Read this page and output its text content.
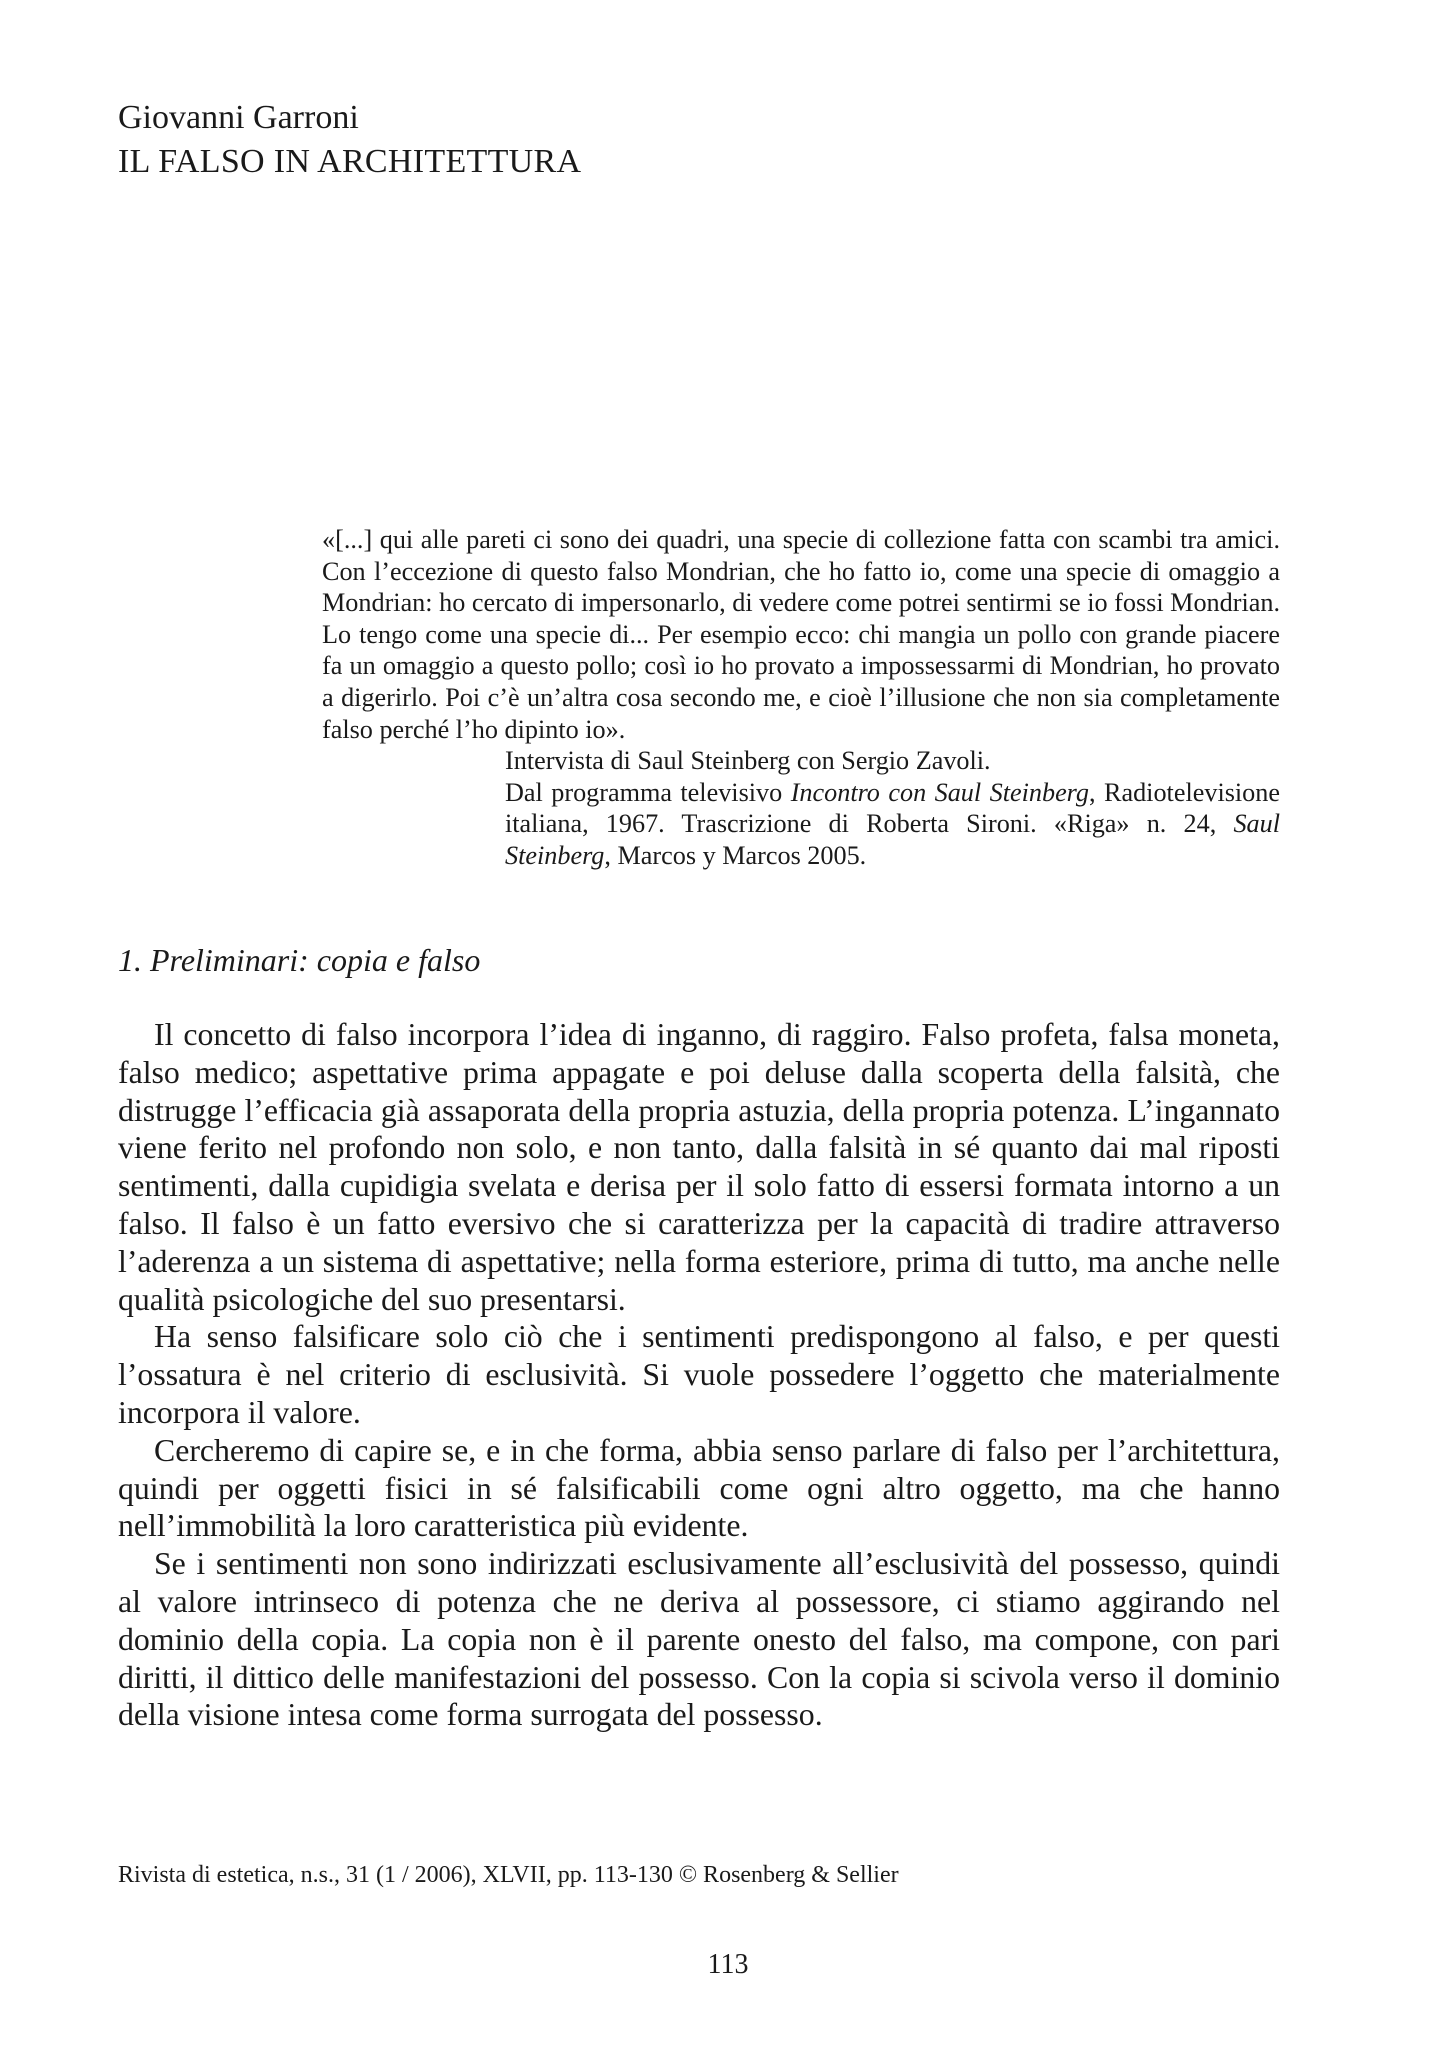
Giovanni Garroni
IL FALSO IN ARCHITETTURA

«[...] qui alle pareti ci sono dei quadri, una specie di collezione fatta con scambi tra amici. Con l’eccezione di questo falso Mondrian, che ho fatto io, come una specie di omaggio a Mondrian: ho cercato di impersonarlo, di vedere come potrei sentirmi se io fossi Mondrian. Lo tengo come una specie di... Per esempio ecco: chi mangia un pollo con grande piacere fa un omaggio a questo pollo; così io ho provato a impossessarmi di Mondrian, ho provato a digerirlo. Poi c’è un’altra cosa secondo me, e cioè l’illusione che non sia completamente falso perché l’ho dipinto io».

Intervista di Saul Steinberg con Sergio Zavoli.
Dal programma televisivo Incontro con Saul Steinberg, Radiotelevisione italiana, 1967. Trascrizione di Roberta Sironi. «Riga» n. 24, Saul Steinberg, Marcos y Marcos 2005.

1. Preliminari: copia e falso

Il concetto di falso incorpora l’idea di inganno, di raggiro. Falso profeta, falsa moneta, falso medico; aspettative prima appagate e poi deluse dalla scoperta della falsità, che distrugge l’efficacia già assaporata della propria astuzia, della propria potenza. L’ingannato viene ferito nel profondo non solo, e non tanto, dalla falsità in sé quanto dai mal riposti sentimenti, dalla cupidigia svelata e derisa per il solo fatto di essersi formata intorno a un falso. Il falso è un fatto eversivo che si caratterizza per la capacità di tradire attraverso l’aderenza a un sistema di aspettative; nella forma esteriore, prima di tutto, ma anche nelle qualità psicologiche del suo presentarsi.

Ha senso falsificare solo ciò che i sentimenti predispongono al falso, e per questi l’ossatura è nel criterio di esclusività. Si vuole possedere l’oggetto che materialmente incorpora il valore.

Cercheremo di capire se, e in che forma, abbia senso parlare di falso per l’architettura, quindi per oggetti fisici in sé falsificabili come ogni altro oggetto, ma che hanno nell’immobilità la loro caratteristica più evidente.

Se i sentimenti non sono indirizzati esclusivamente all’esclusività del possesso, quindi al valore intrinseco di potenza che ne deriva al possessore, ci stiamo aggirando nel dominio della copia. La copia non è il parente onesto del falso, ma compone, con pari diritti, il dittico delle manifestazioni del possesso. Con la copia si scivola verso il dominio della visione intesa come forma surrogata del possesso.

Rivista di estetica, n.s., 31 (1 / 2006), XLVII, pp. 113-130 © Rosenberg & Sellier
113
